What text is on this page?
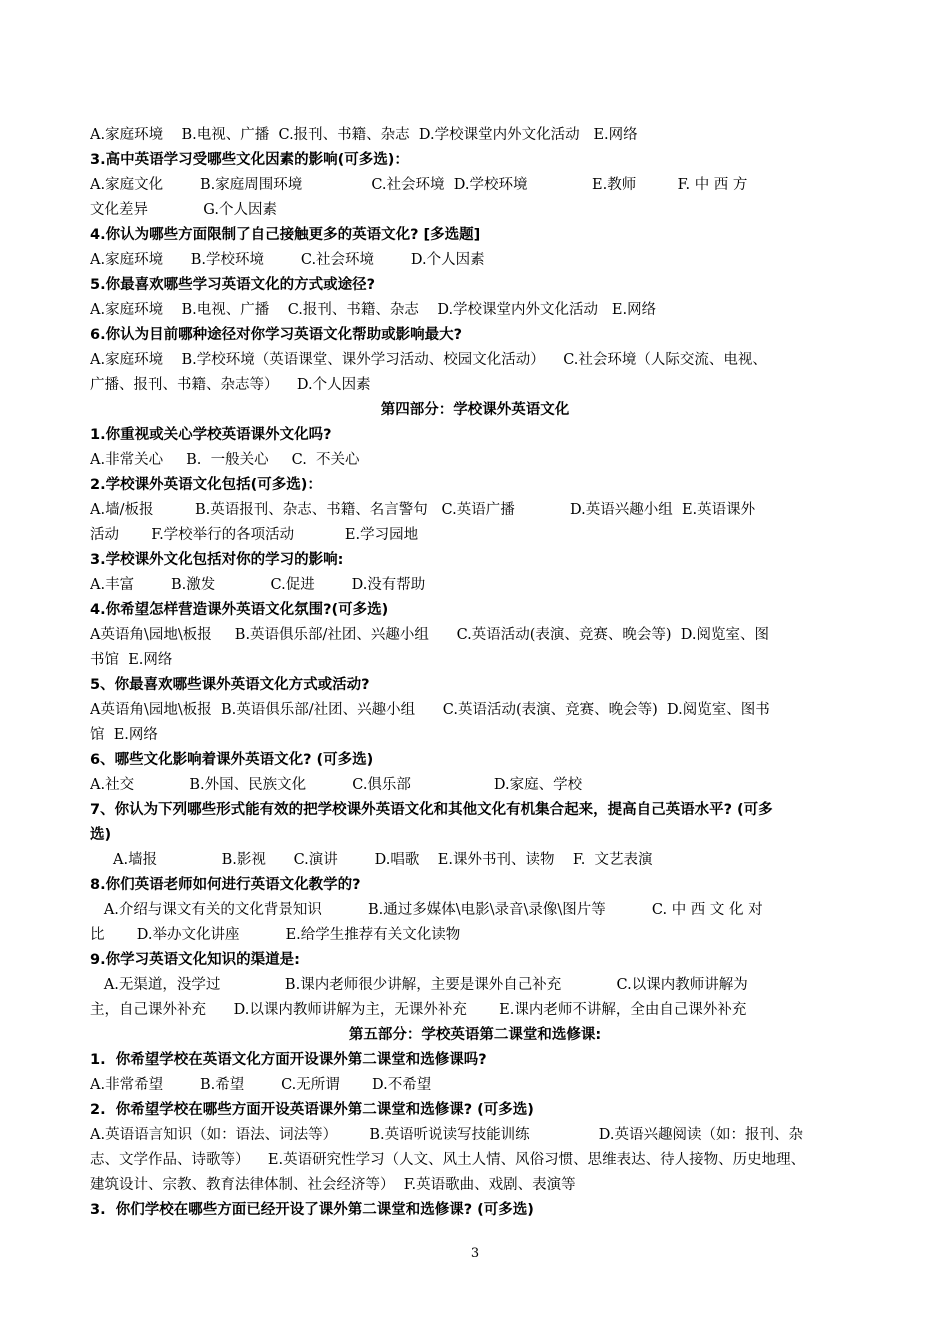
A.家庭环境    B.电视、广播  C.报刊、书籍、杂志  D.学校课堂内外文化活动   E.网络
3.高中英语学习受哪些文化因素的影响(可多选)：
A.家庭文化        B.家庭周围环境               C.社会环境  D.学校环境              E.教师         F. 中 西 方
文化差异            G.个人因素
4.你认为哪些方面限制了自己接触更多的英语文化? [多选题]
A.家庭环境      B.学校环境        C.社会环境        D.个人因素
5.你最喜欢哪些学习英语文化的方式或途径?
A.家庭环境    B.电视、广播    C.报刊、书籍、杂志    D.学校课堂内外文化活动   E.网络
6.你认为目前哪种途径对你学习英语文化帮助或影响最大?
A.家庭环境    B.学校环境（英语课堂、课外学习活动、校园文化活动）    C.社会环境（人际交流、电视、
广播、报刊、书籍、杂志等）    D.个人因素
第四部分：学校课外英语文化
1.你重视或关心学校英语课外文化吗?
A.非常关心     B.  一般关心     C.  不关心
2.学校课外英语文化包括(可多选)：
A.墙/板报         B.英语报刊、杂志、书籍、名言警句   C.英语广播            D.英语兴趣小组  E.英语课外
活动       F.学校举行的各项活动           E.学习园地
3.学校课外文化包括对你的学习的影响:
A.丰富        B.激发            C.促进        D.没有帮助
4.你希望怎样营造课外英语文化氛围?(可多选)
A英语角\园地\板报     B.英语俱乐部/社团、兴趣小组      C.英语活动(表演、竞赛、晚会等)  D.阅览室、图
书馆  E.网络
5、你最喜欢哪些课外英语文化方式或活动?
A英语角\园地\板报  B.英语俱乐部/社团、兴趣小组      C.英语活动(表演、竞赛、晚会等)  D.阅览室、图书
馆  E.网络
6、哪些文化影响着课外英语文化? (可多选)
A.社交            B.外国、民族文化          C.俱乐部                  D.家庭、学校
7、你认为下列哪些形式能有效的把学校课外英语文化和其他文化有机集合起来，提高自己英语水平? (可多
选)
A.墙报              B.影视      C.演讲        D.唱歌    E.课外书刊、读物    F.  文艺表演
8.你们英语老师如何进行英语文化教学的?
A.介绍与课文有关的文化背景知识          B.通过多媒体\电影\录音\录像\图片等          C. 中 西 文 化 对
比       D.举办文化讲座          E.给学生推荐有关文化读物
9.你学习英语文化知识的渠道是:
A.无渠道，没学过              B.课内老师很少讲解，主要是课外自己补充            C.以课内教师讲解为
主，自己课外补充      D.以课内教师讲解为主，无课外补充       E.课内老师不讲解，全由自己课外补充
第五部分：学校英语第二课堂和选修课:
1.  你希望学校在英语文化方面开设课外第二课堂和选修课吗?
A.非常希望        B.希望        C.无所谓       D.不希望
2.  你希望学校在哪些方面开设英语课外第二课堂和选修课? (可多选)
A.英语语言知识（如：语法、词法等）       B.英语听说读写技能训练               D.英语兴趣阅读（如：报刊、杂
志、文学作品、诗歌等）    E.英语研究性学习（人文、风土人情、风俗习惯、思维表达、待人接物、历史地理、
建筑设计、宗教、教育法律体制、社会经济等）  F.英语歌曲、戏剧、表演等
3.  你们学校在哪些方面已经开设了课外第二课堂和选修课? (可多选)
3
